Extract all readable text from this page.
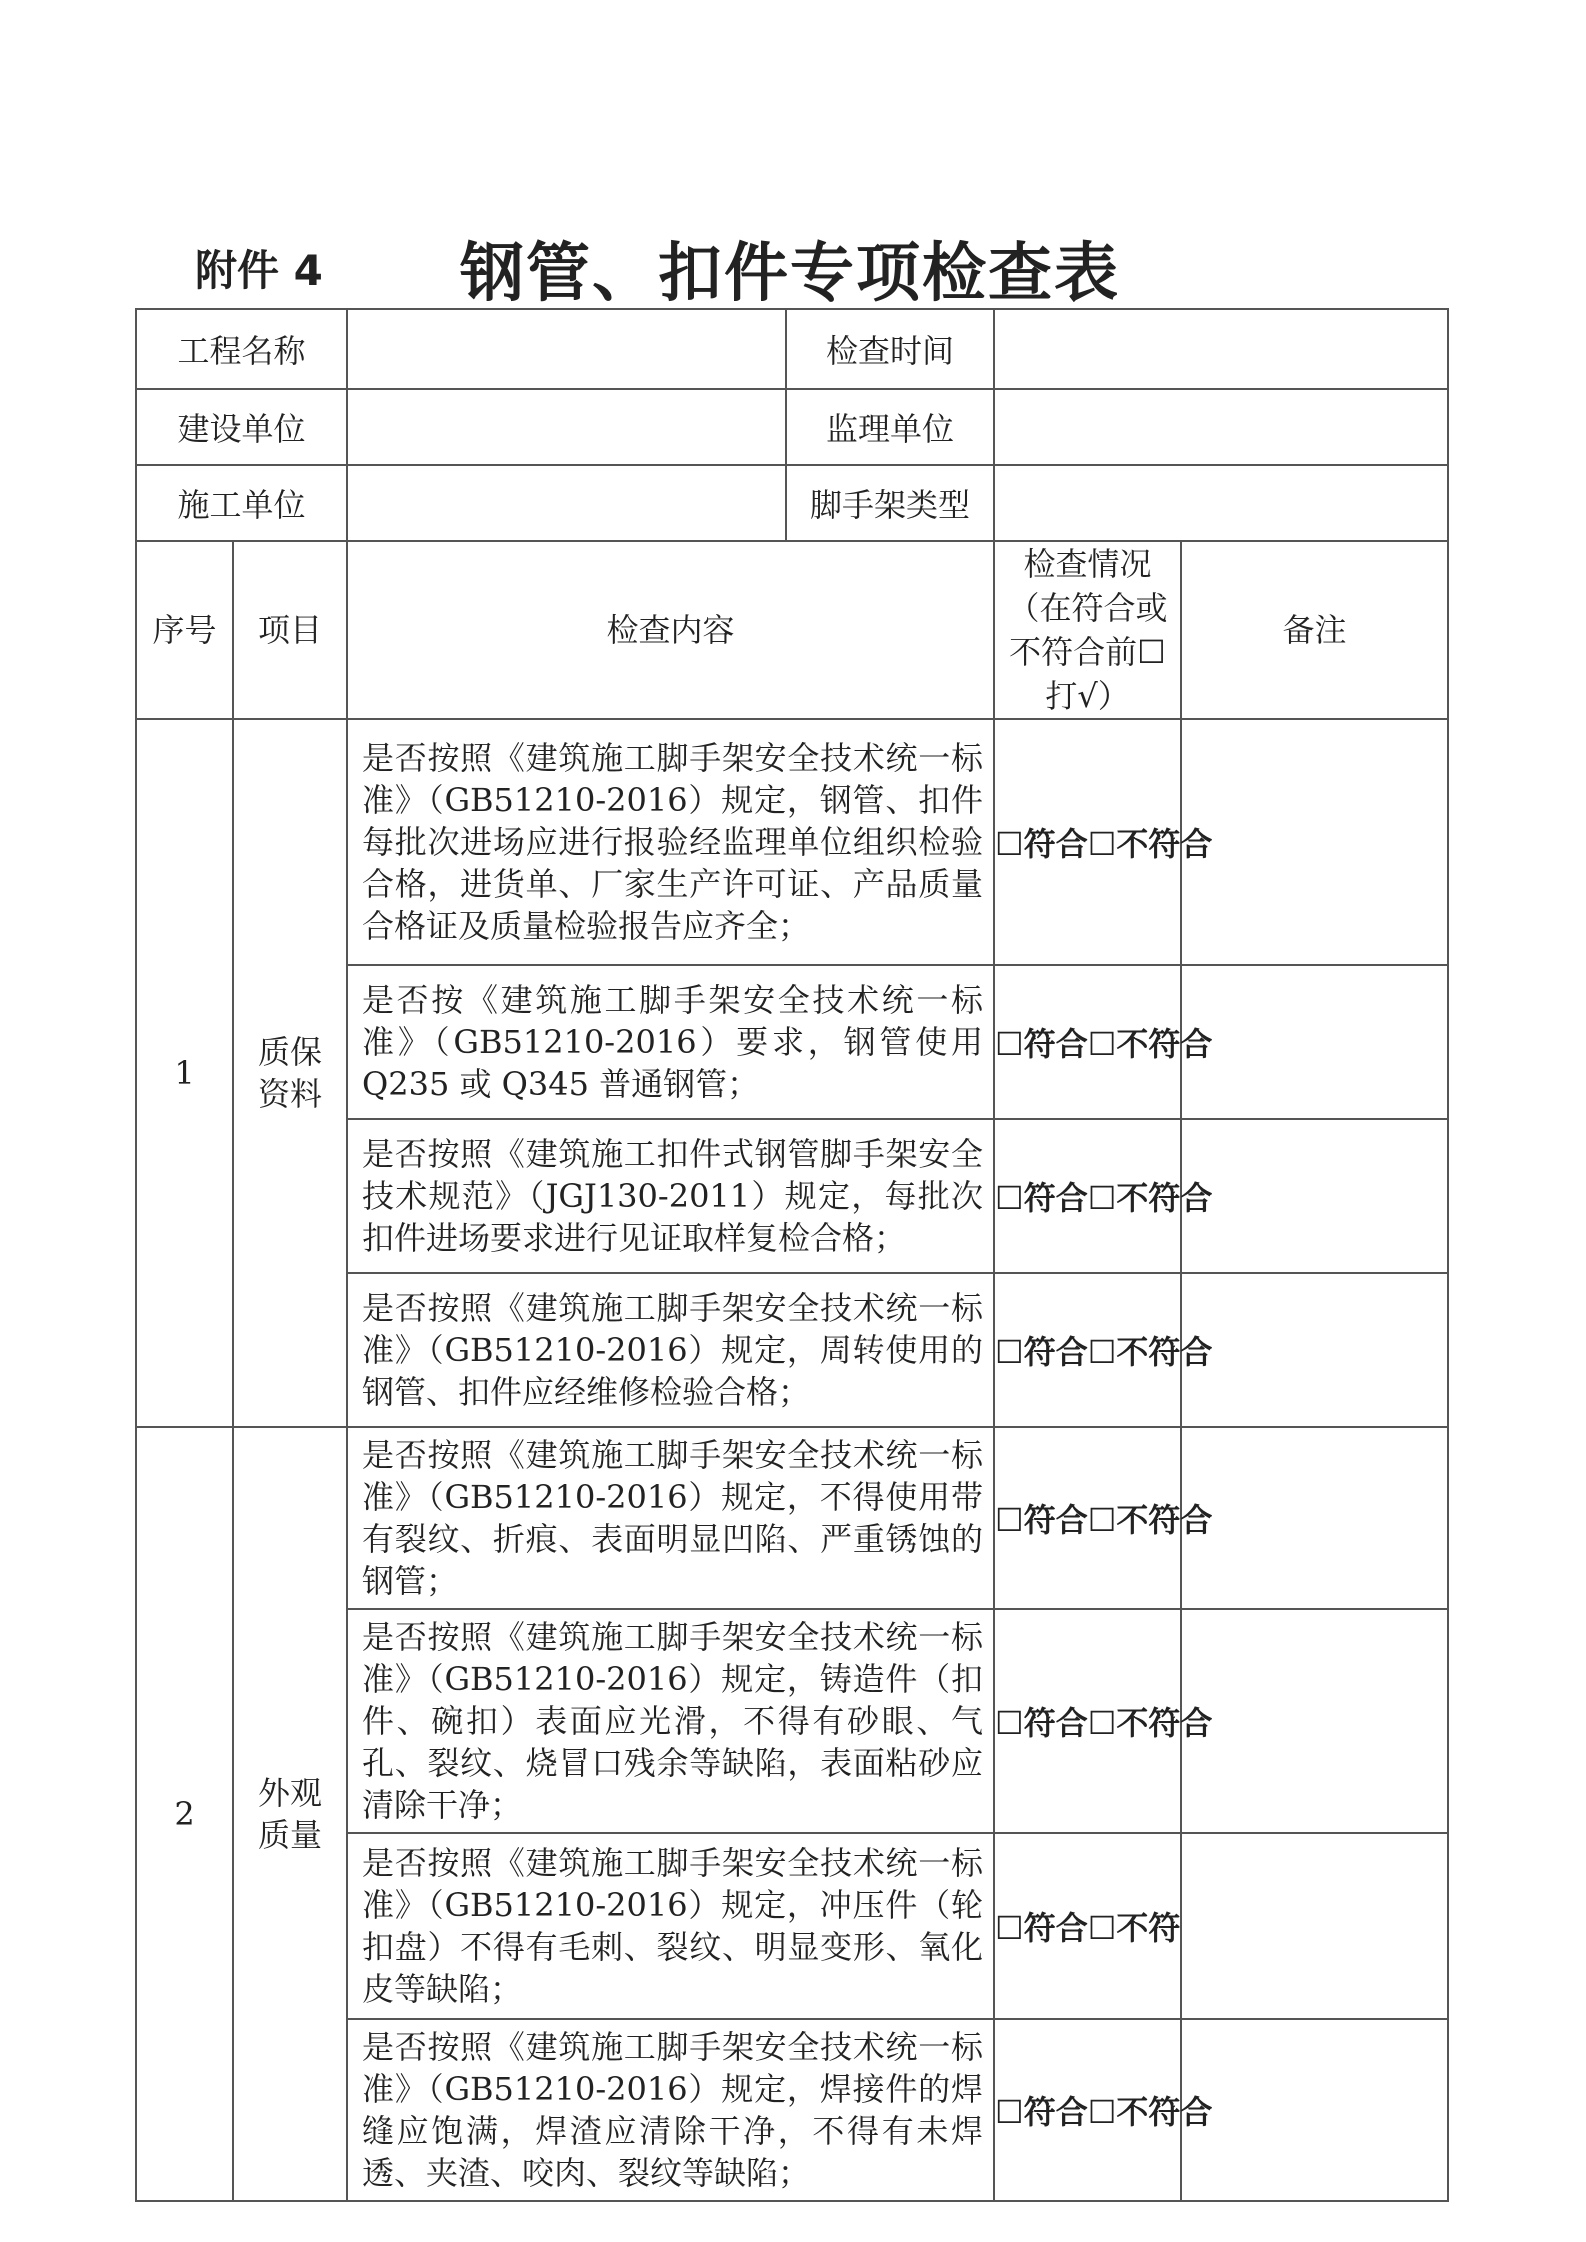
附件 4 钢管、扣件专项检查表
工程名称			检查时间		
建设单位			监理单位		
施工单位			脚手架类型		
序号	项目	检查内容		检查情况（在符合或不符合前☐打√）	备注
1	质保资料	是否按照《建筑施工脚手架安全技术统一标准》（GB51210-2016）规定，钢管、扣件每批次进场应进行报验经监理单位组织检验合格，进货单、厂家生产许可证、产品质量合格证及质量检验报告应齐全；		☐符合☐不符合	
		是否按《建筑施工脚手架安全技术统一标准》（GB51210-2016）要求，钢管使用 Q235 或 Q345 普通钢管；		☐符合☐不符合	
		是否按照《建筑施工扣件式钢管脚手架安全技术规范》（JGJ130-2011）规定，每批次扣件进场要求进行见证取样复检合格；		☐符合☐不符合	
		是否按照《建筑施工脚手架安全技术统一标准》（GB51210-2016）规定，周转使用的钢管、扣件应经维修检验合格；		☐符合☐不符合	
2	外观质量	是否按照《建筑施工脚手架安全技术统一标准》（GB51210-2016）规定，不得使用带有裂纹、折痕、表面明显凹陷、严重锈蚀的钢管；		☐符合☐不符合	
		是否按照《建筑施工脚手架安全技术统一标准》（GB51210-2016）规定，铸造件（扣件、碗扣）表面应光滑，不得有砂眼、气孔、裂纹、烧冒口残余等缺陷，表面粘砂应清除干净；		☐符合☐不符合	
		是否按照《建筑施工脚手架安全技术统一标准》（GB51210-2016）规定，冲压件（轮扣盘）不得有毛刺、裂纹、明显变形、氧化皮等缺陷；		☐符合☐不符	
		是否按照《建筑施工脚手架安全技术统一标准》（GB51210-2016）规定，焊接件的焊缝应饱满，焊渣应清除干净，不得有未焊透、夹渣、咬肉、裂纹等缺陷；		☐符合☐不符合	
